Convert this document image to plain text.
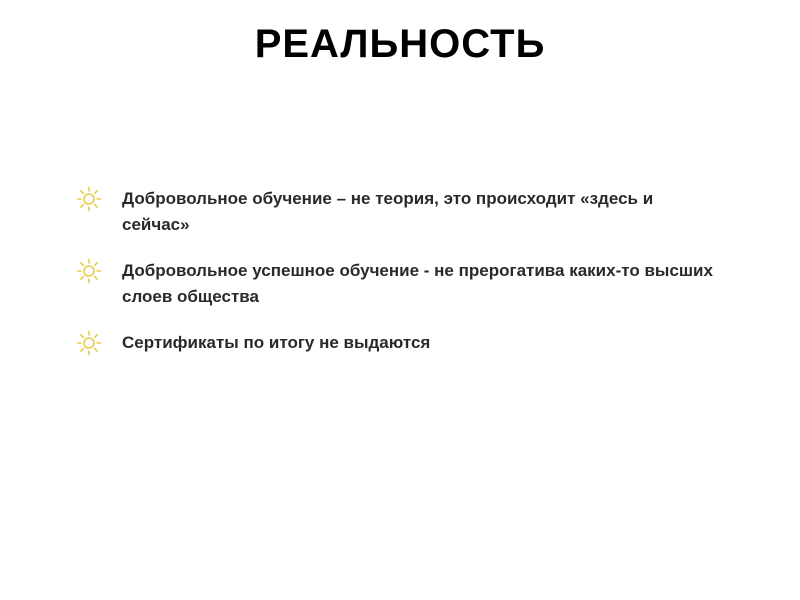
РЕАЛЬНОСТЬ
Добровольное обучение – не теория, это происходит «здесь и сейчас»
Добровольное успешное обучение - не прерогатива каких-то высших слоев общества
Сертификаты по итогу не выдаются
